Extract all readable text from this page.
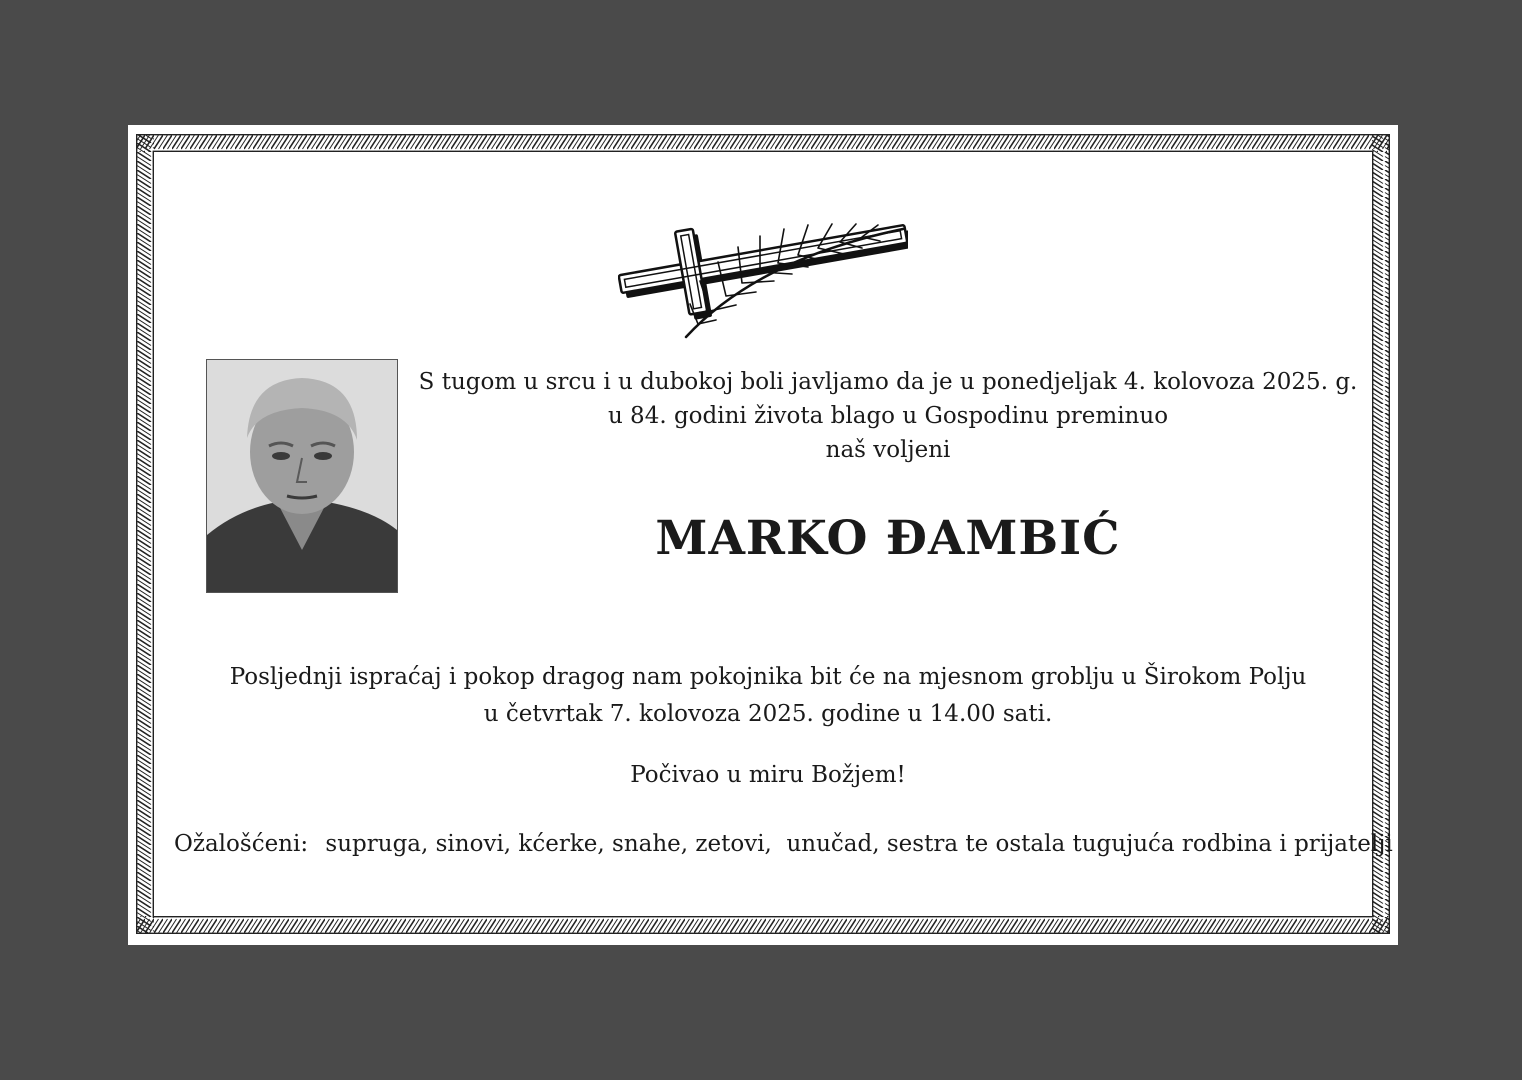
S tugom u srcu i u dubokoj boli javljamo da je u ponedjeljak 4. kolovoza 2025. g.
u 84. godini života blago u Gospodinu preminuo
naš voljeni
MARKO ĐAMBIĆ
Posljednji ispraćaj i pokop dragog nam pokojnika bit će na mjesnom groblju u Širokom Polju
u četvrtak 7. kolovoza 2025. godine u 14.00 sati.
Počivao u miru Božjem!
Ožalošćeni: supruga, sinovi, kćerke, snahe, zetovi,  unučad, sestra te ostala tugujuća rodbina i prijatelji
